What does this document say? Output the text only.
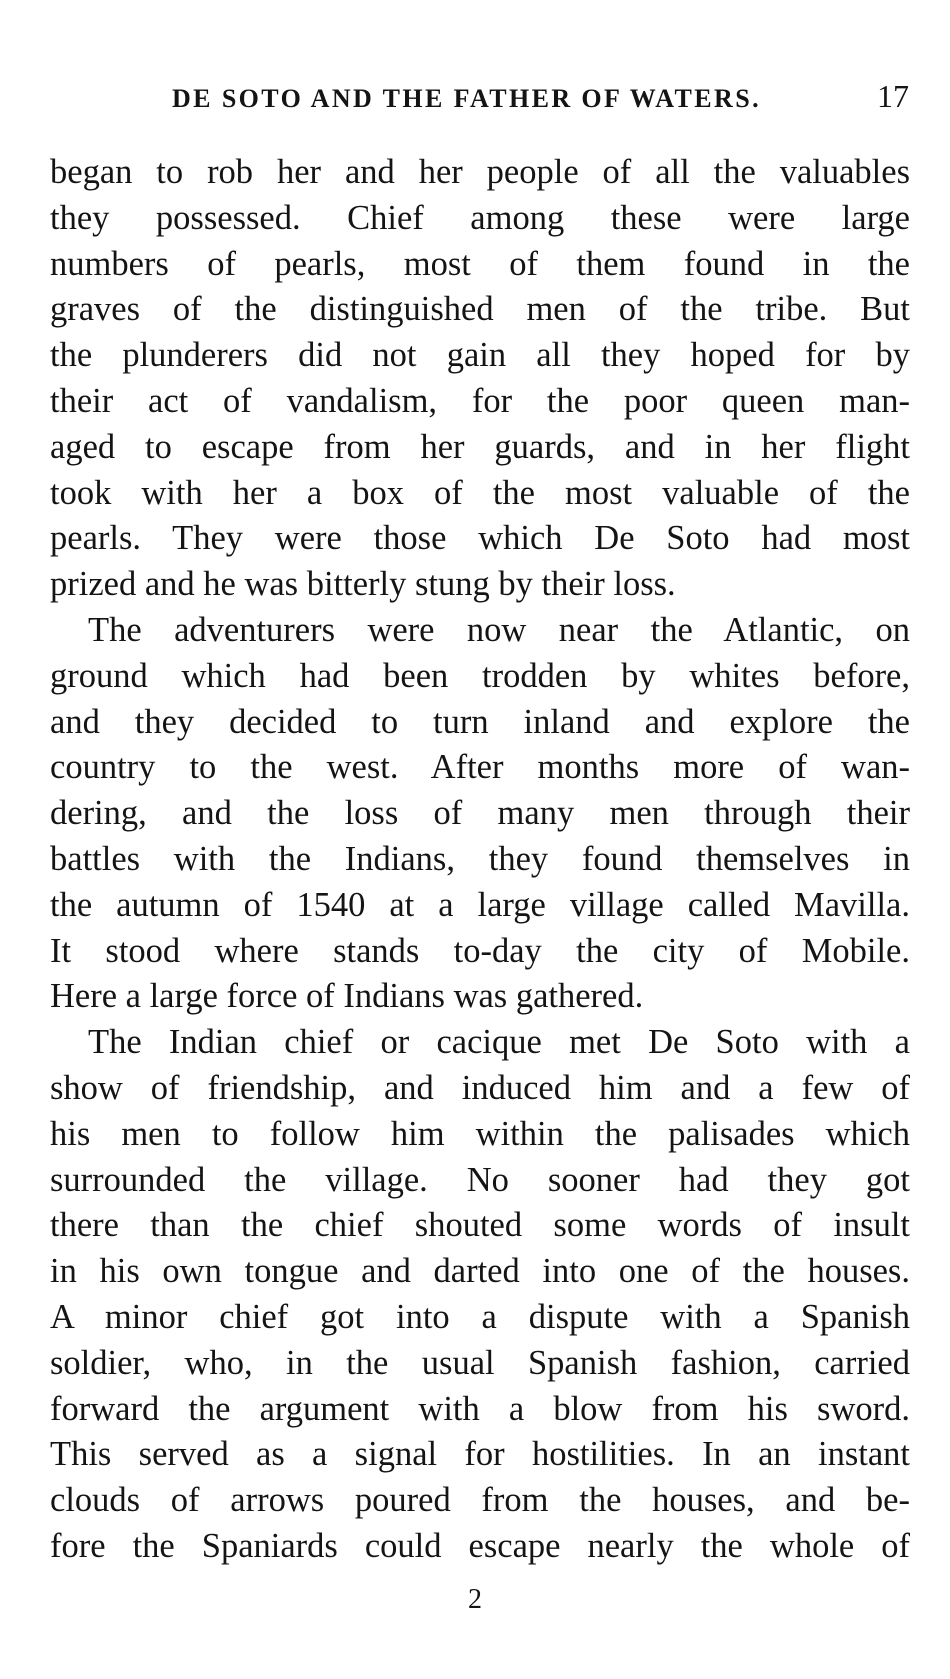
DE SOTO AND THE FATHER OF WATERS.	17
began to rob her and her people of all the valuables
they possessed. Chief among these were large
numbers of pearls, most of them found in the
graves of the distinguished men of the tribe. But
the plunderers did not gain all they hoped for by
their act of vandalism, for the poor queen man-
aged to escape from her guards, and in her flight
took with her a box of the most valuable of the
pearls. They were those which De Soto had most
prized and he was bitterly stung by their loss.
The adventurers were now near the Atlantic, on
ground which had been trodden by whites before,
and they decided to turn inland and explore the
country to the west. After months more of wan-
dering, and the loss of many men through their
battles with the Indians, they found themselves in
the autumn of 1540 at a large village called Mavilla.
It stood where stands to-day the city of Mobile.
Here a large force of Indians was gathered.
The Indian chief or cacique met De Soto with a
show of friendship, and induced him and a few of
his men to follow him within the palisades which
surrounded the village. No sooner had they got
there than the chief shouted some words of insult
in his own tongue and darted into one of the houses.
A minor chief got into a dispute with a Spanish
soldier, who, in the usual Spanish fashion, carried
forward the argument with a blow from his sword.
This served as a signal for hostilities. In an instant
clouds of arrows poured from the houses, and be-
fore the Spaniards could escape nearly the whole of
2
